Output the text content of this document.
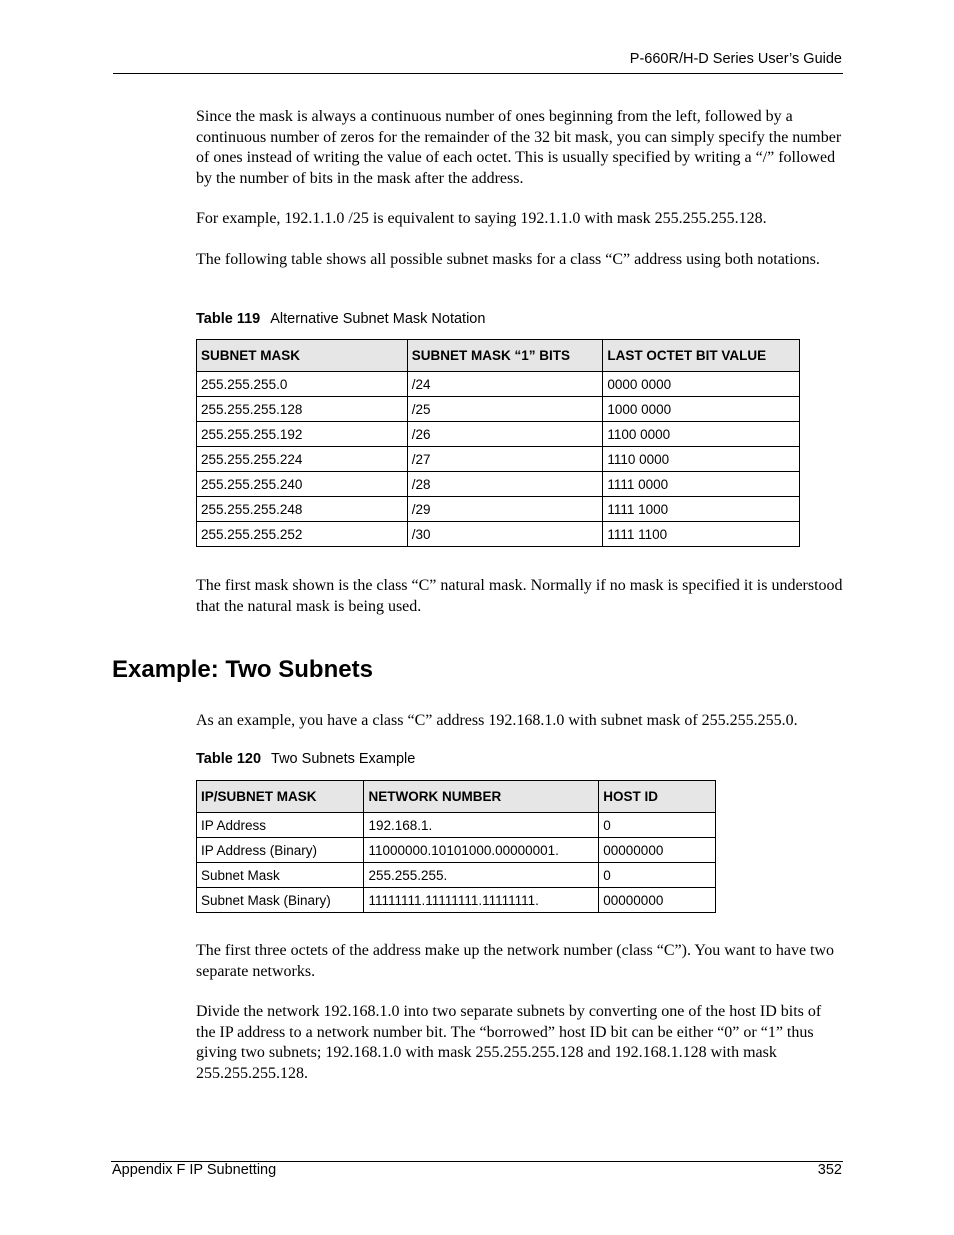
P-660R/H-D Series User’s Guide

Since the mask is always a continuous number of ones beginning from the left, followed by a continuous number of zeros for the remainder of the 32 bit mask, you can simply specify the number of ones instead of writing the value of each octet. This is usually specified by writing a “/” followed by the number of bits in the mask after the address.

For example, 192.1.1.0 /25 is equivalent to saying 192.1.1.0 with mask 255.255.255.128.

The following table shows all possible subnet masks for a class “C” address using both notations.

Table 119 Alternative Subnet Mask Notation
SUBNET MASK	SUBNET MASK “1” BITS	LAST OCTET BIT VALUE
255.255.255.0	/24	0000 0000
255.255.255.128	/25	1000 0000
255.255.255.192	/26	1100 0000
255.255.255.224	/27	1110 0000
255.255.255.240	/28	1111 0000
255.255.255.248	/29	1111 1000
255.255.255.252	/30	1111 1100

The first mask shown is the class “C” natural mask. Normally if no mask is specified it is understood that the natural mask is being used.

Example: Two Subnets

As an example, you have a class “C” address 192.168.1.0 with subnet mask of 255.255.255.0.

Table 120 Two Subnets Example
IP/SUBNET MASK	NETWORK NUMBER	HOST ID
IP Address	192.168.1.	0
IP Address (Binary)	11000000.10101000.00000001.	00000000
Subnet Mask	255.255.255.	0
Subnet Mask (Binary)	11111111.11111111.11111111.	00000000

The first three octets of the address make up the network number (class “C”). You want to have two separate networks.

Divide the network 192.168.1.0 into two separate subnets by converting one of the host ID bits of the IP address to a network number bit. The “borrowed” host ID bit can be either “0” or “1” thus giving two subnets; 192.168.1.0 with mask 255.255.255.128 and 192.168.1.128 with mask 255.255.255.128.

Appendix F IP Subnetting	352
